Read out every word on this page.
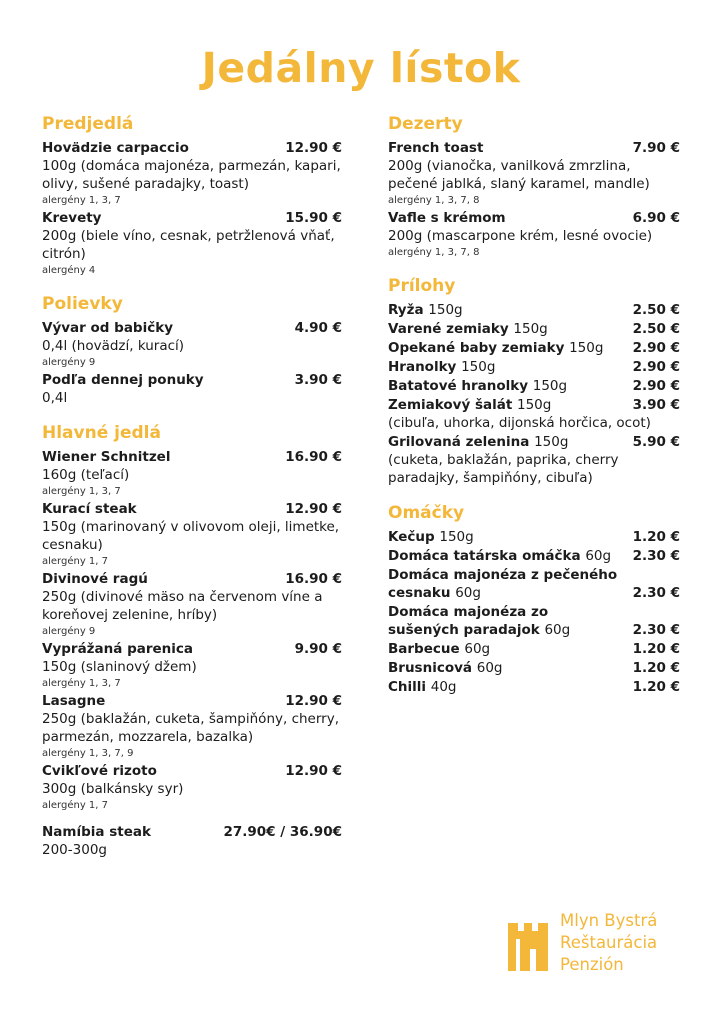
Jedálny lístok
Predjedlá
Hovädzie carpaccio	12.90 €
100g (domáca majonéza, parmezán, kapari, olivy, sušené paradajky, toast)
alergény 1, 3, 7
Krevety	15.90 €
200g (biele víno, cesnak, petržlenová vňať, citrón)
alergény 4
Polievky
Vývar od babičky	4.90 €
0,4l (hovädzí, kurací)
alergény 9
Podľa dennej ponuky	3.90 €
0,4l
Hlavné jedlá
Wiener Schnitzel	16.90 €
160g (teľací)
alergény 1, 3, 7
Kurací steak	12.90 €
150g (marinovaný v olivovom oleji, limetke, cesnaku)
alergény 1, 7
Divinové ragú	16.90 €
250g (divinové mäso na červenom víne a koreňovej zelenine, hríby)
alergény 9
Vyprážaná parenica	9.90 €
150g (slaninový džem)
alergény 1, 3, 7
Lasagne	12.90 €
250g (baklažán, cuketa, šampiňóny, cherry, parmezán, mozzarela, bazalka)
alergény 1, 3, 7, 9
Cvikľové rizoto	12.90 €
300g (balkánsky syr)
alergény 1, 7
Namíbia steak	27.90€ / 36.90€
200-300g
Dezerty
French toast	7.90 €
200g (vianočka, vanilková zmrzlina, pečené jablká, slaný karamel, mandle)
alergény 1, 3, 7, 8
Vafle s krémom	6.90 €
200g (mascarpone krém, lesné ovocie)
alergény 1, 3, 7, 8
Prílohy
Ryža 150g	2.50 €
Varené zemiaky 150g	2.50 €
Opekané baby zemiaky 150g 2.90 €
Hranolky 150g	2.90 €
Batatové hranolky 150g	2.90 €
Zemiakový šalát 150g	3.90 €
(cibuľa, uhorka, dijonská horčica, ocot)
Grilovaná zelenina 150g	5.90 €
(cuketa, baklažán, paprika, cherry paradajky, šampiňóny, cibuľa)
Omáčky
Kečup 150g	1.20 €
Domáca tatárska omáčka 60g 2.30 €
Domáca majonéza z pečeného
cesnaku 60g	2.30 €
Domáca majonéza zo
sušených paradajok 60g	2.30 €
Barbecue 60g	1.20 €
Brusnicová 60g	1.20 €
Chilli 40g	1.20 €
Mlyn Bystrá
Reštaurácia
Penzión
